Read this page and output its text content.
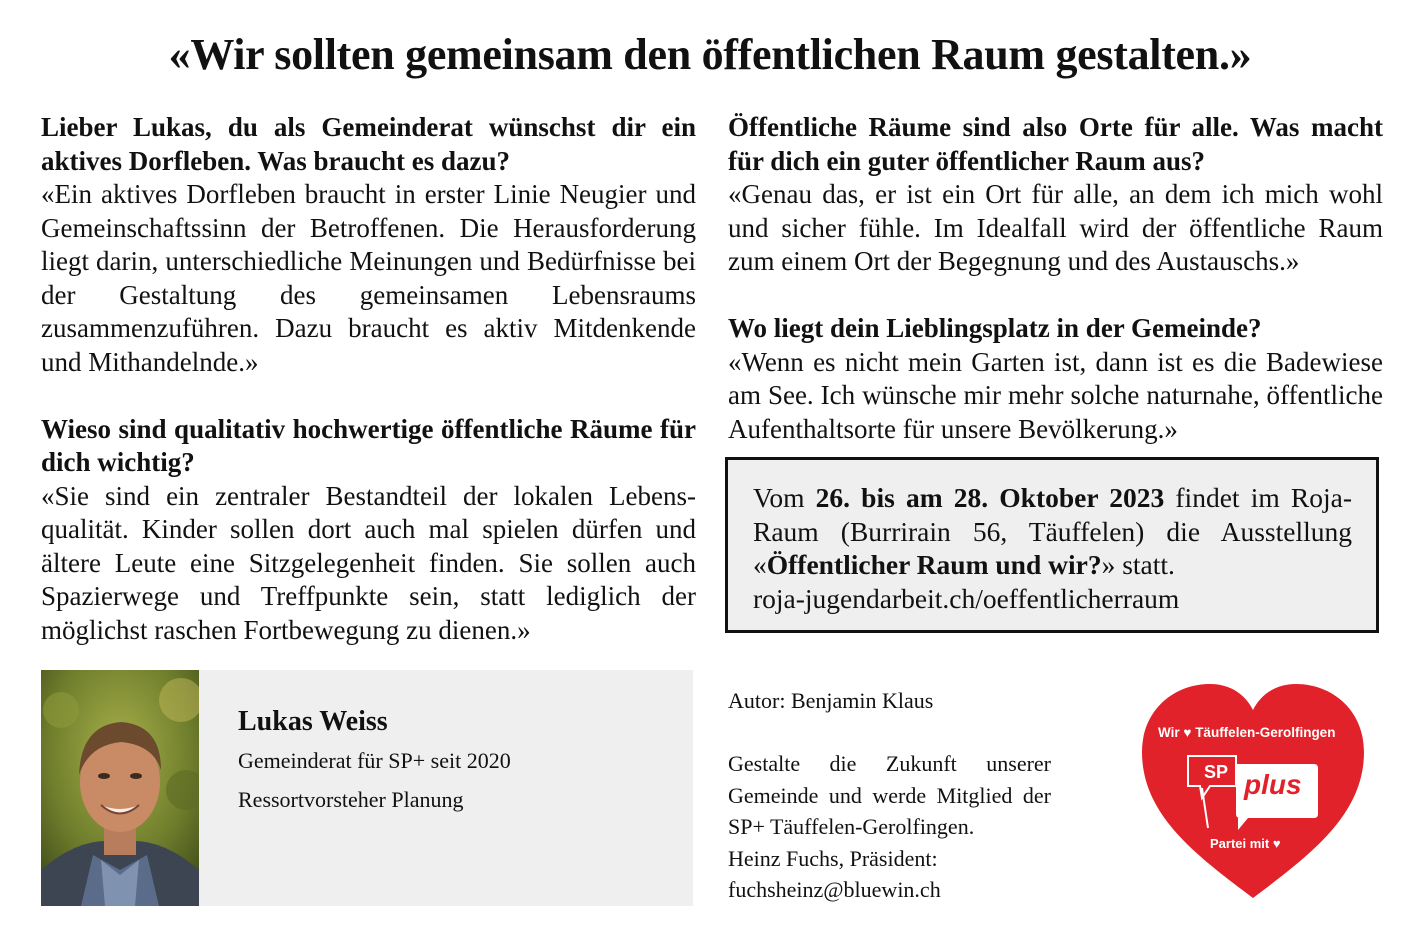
«Wir sollten gemeinsam den öffentlichen Raum gestalten.»
Lieber Lukas, du als Gemeinderat wünschst dir ein aktives Dorfleben. Was braucht es dazu?
«Ein aktives Dorfleben braucht in erster Linie Neugier und Gemeinschaftssinn der Betroffenen. Die Herausforderung liegt darin, unterschiedliche Meinungen und Bedürfnisse bei der Gestaltung des gemeinsamen Lebensraums zusammenzuführen. Dazu braucht es aktiv Mitdenkende und Mithandelnde.»
Wieso sind qualitativ hochwertige öffentliche Räume für dich wichtig?
«Sie sind ein zentraler Bestandteil der lokalen Lebensqualität. Kinder sollen dort auch mal spielen dürfen und ältere Leute eine Sitzgelegenheit finden. Sie sollen auch Spazierwege und Treffpunkte sein, statt lediglich der möglichst raschen Fortbewegung zu dienen.»
Öffentliche Räume sind also Orte für alle. Was macht für dich ein guter öffentlicher Raum aus?
«Genau das, er ist ein Ort für alle, an dem ich mich wohl und sicher fühle. Im Idealfall wird der öffentliche Raum zum einem Ort der Begegnung und des Austauschs.»
Wo liegt dein Lieblingsplatz in der Gemeinde?
«Wenn es nicht mein Garten ist, dann ist es die Badewiese am See. Ich wünsche mir mehr solche naturnahe, öffentliche Aufenthaltsorte für unsere Bevölkerung.»
Vom 26. bis am 28. Oktober 2023 findet im Roja-Raum (Burrirain 56, Täuffelen) die Ausstellung «Öffentlicher Raum und wir?» statt.
roja-jugendarbeit.ch/oeffentlicherraum
Lukas Weiss
Gemeinderat für SP+ seit 2020
Ressortvorsteher Planung
Autor: Benjamin Klaus
Gestalte die Zukunft unserer Gemeinde und werde Mitglied der SP+ Täuffelen-Gerolfingen.
Heinz Fuchs, Präsident:
fuchsheinz@bluewin.ch
Wir ♥ Täuffelen-Gerolfingen
SP plus
Partei mit ♥
